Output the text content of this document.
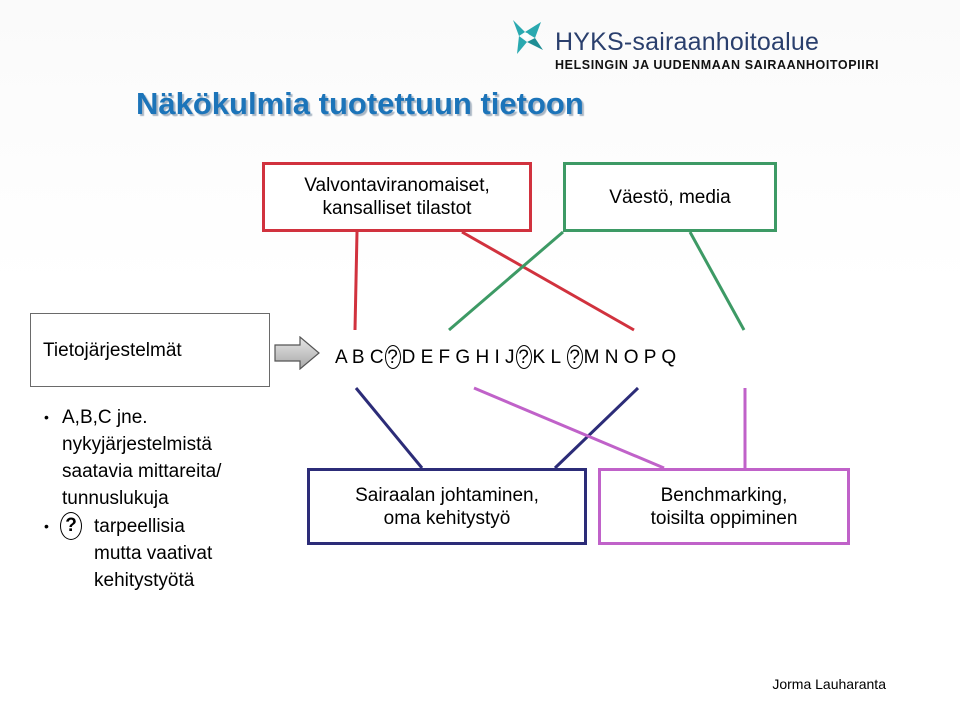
HYKS-sairaanhoitoalue
HELSINGIN JA UUDENMAAN SAIRAANHOITOPIIRI
Näkökulmia tuotettuun tietoon
Valvontaviranomaiset,
kansalliset tilastot
Väestö, media
Tietojärjestelmät	A B C ? D E F G H I J ? K L ? M N O P Q
• A,B,C jne.
nykyjärjestelmistä
saatavia mittareita/
tunnuslukuja
• ? tarpeellisia
mutta vaativat
kehitystyötä
Sairaalan johtaminen,
oma kehitystyö
Benchmarking,
toisilta oppiminen
Jorma Lauharanta
